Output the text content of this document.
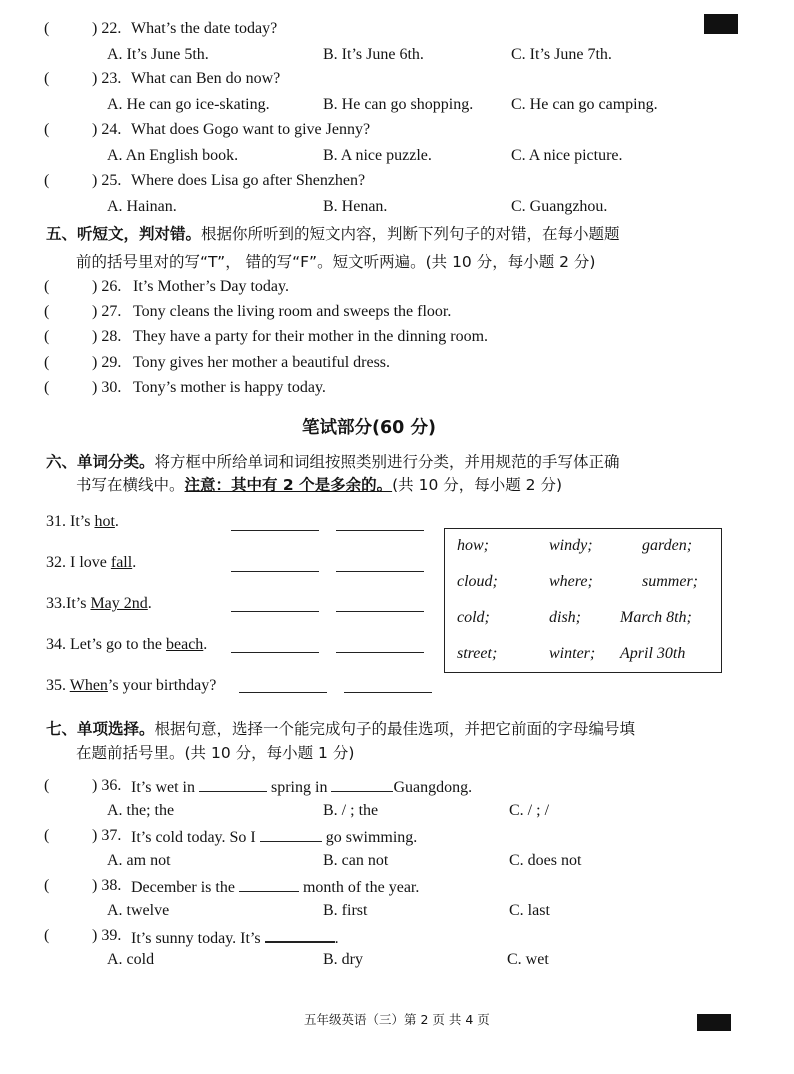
(	) 22. What’s the date today?
A. It’s June 5th.	B. It’s June 6th.	C. It’s June 7th.
(	) 23. What can Ben do now?
A. He can go ice-skating.	B. He can go shopping. C. He can go camping.
(	) 24. What does Gogo want to give Jenny?
A. An English book.	B. A nice puzzle.	C. A nice picture.
(	) 25. Where does Lisa go after Shenzhen?
A. Hainan.	B. Henan.	C. Guangzhou.
五、听短文，判对错。根据你所听到的短文内容，判断下列句子的对错，在每小题题
前的括号里对的写“T”， 错的写“F”。短文听两遍。(共 10 分，每小题 2 分)
(	) 26. It’s Mother’s Day today.
(	) 27. Tony cleans the living room and sweeps the floor.
(	) 28. They have a party for their mother in the dinning room.
(	) 29. Tony gives her mother a beautiful dress.
(	) 30. Tony’s mother is happy today.
笔试部分(60 分)
六、单词分类。将方框中所给单词和词组按照类别进行分类，并用规范的手写体正确
书写在横线中。注意：其中有 2 个是多余的。(共 10 分，每小题 2 分)
31. It’s hot.
32. I love fall.
33.It’s May 2nd.
34. Let’s go to the beach.
35. When’s your birthday?
how;	windy;	garden;
cloud;	where;	summer;
cold;	dish; March 8th;
street;	winter; April 30th
七、单项选择。根据句意，选择一个能完成句子的最佳选项，并把它前面的字母编号填
在题前括号里。(共 10 分，每小题 1 分)
(	) 36. It’s wet in	spring in	Guangdong.
A. the; the	B. / ; the	C. / ; /
(	) 37. It’s cold today. So I	go swimming.
A. am not	B. can not	C. does not
(	) 38. December is the	month of the year.
A. twelve	B. first	C. last
(	) 39. It’s sunny today. It’s	.
A. cold	B. dry	C. wet
五年级英语（三）第 2 页 共 4 页
